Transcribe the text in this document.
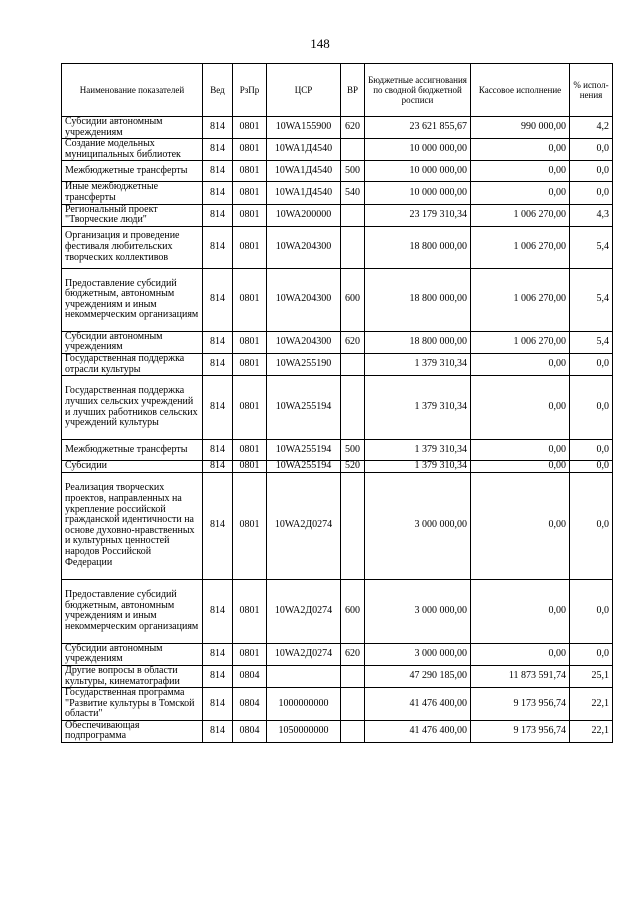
148
Наименование показателей	Вед	РзПр	ЦСР	ВР	Бюджетные ассигнования по сводной бюджетной росписи	Кассовое исполнение	% испол-нения
Субсидии автономным учреждениям	814	0801	10WA155900	620	23 621 855,67	990 000,00	4,2
Создание модельных муниципальных библиотек	814	0801	10WA1Д4540		10 000 000,00	0,00	0,0
Межбюджетные трансферты	814	0801	10WA1Д4540	500	10 000 000,00	0,00	0,0
Иные межбюджетные трансферты	814	0801	10WA1Д4540	540	10 000 000,00	0,00	0,0
Региональный проект "Творческие люди"	814	0801	10WA200000		23 179 310,34	1 006 270,00	4,3
Организация и проведение фестиваля любительских творческих коллективов	814	0801	10WA204300		18 800 000,00	1 006 270,00	5,4
Предоставление субсидий бюджетным, автономным учреждениям и иным некоммерческим организациям	814	0801	10WA204300	600	18 800 000,00	1 006 270,00	5,4
Субсидии автономным учреждениям	814	0801	10WA204300	620	18 800 000,00	1 006 270,00	5,4
Государственная поддержка отрасли культуры	814	0801	10WA255190		1 379 310,34	0,00	0,0
Государственная поддержка лучших сельских учреждений и лучших работников сельских учреждений культуры	814	0801	10WA255194		1 379 310,34	0,00	0,0
Межбюджетные трансферты	814	0801	10WA255194	500	1 379 310,34	0,00	0,0
Субсидии	814	0801	10WA255194	520	1 379 310,34	0,00	0,0
Реализация творческих проектов, направленных на укрепление российской гражданской идентичности на основе духовно-нравственных и культурных ценностей народов Российской Федерации	814	0801	10WA2Д0274		3 000 000,00	0,00	0,0
Предоставление субсидий бюджетным, автономным учреждениям и иным некоммерческим организациям	814	0801	10WA2Д0274	600	3 000 000,00	0,00	0,0
Субсидии автономным учреждениям	814	0801	10WA2Д0274	620	3 000 000,00	0,00	0,0
Другие вопросы в области культуры, кинематографии	814	0804			47 290 185,00	11 873 591,74	25,1
Государственная программа "Развитие культуры в Томской области"	814	0804	1000000000		41 476 400,00	9 173 956,74	22,1
Обеспечивающая подпрограмма	814	0804	1050000000		41 476 400,00	9 173 956,74	22,1
